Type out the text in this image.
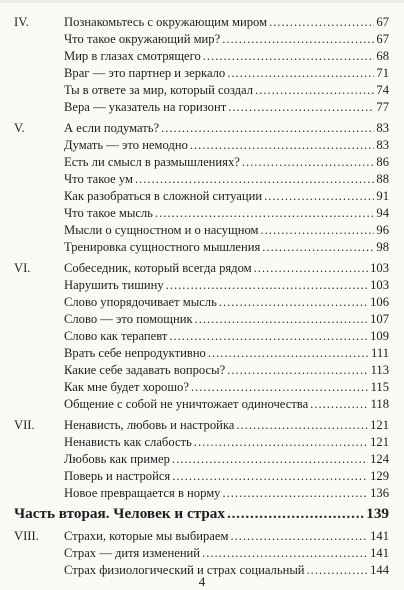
IV.	Познакомьтесь с окружающим миром .....	67
Что такое окружающий мир? .....	67
Мир в глазах смотрящего .....	68
Враг — это партнер и зеркало .....	71
Ты в ответе за мир, который создал .....	74
Вера — указатель на горизонт .....	77
V.	А если подумать? .....	83
Думать — это немодно .....	83
Есть ли смысл в размышлениях? .....	86
Что такое ум .....	88
Как разобраться в сложной ситуации .....	91
Что такое мысль .....	94
Мысли о сущностном и о насущном .....	96
Тренировка сущностного мышления .....	98
VI.	Собеседник, который всегда рядом .....	103
Нарушить тишину .....	103
Слово упорядочивает мысль .....	106
Слово — это помощник .....	107
Слово как терапевт .....	109
Врать себе непродуктивно .....	111
Какие себе задавать вопросы? .....	113
Как мне будет хорошо? .....	115
Общение с собой не уничтожает одиночества .....	118
VII. Ненависть, любовь и настройка .....	121
Ненависть как слабость .....	121
Любовь как пример .....	124
Поверь и настройся .....	129
Новое превращается в норму .....	136
Часть вторая. Человек и страх .....	139
VIII. Страхи, которые мы выбираем .....	141
Страх — дитя изменений .....	141
4
Страх физиологический и страх социальный .....	144
